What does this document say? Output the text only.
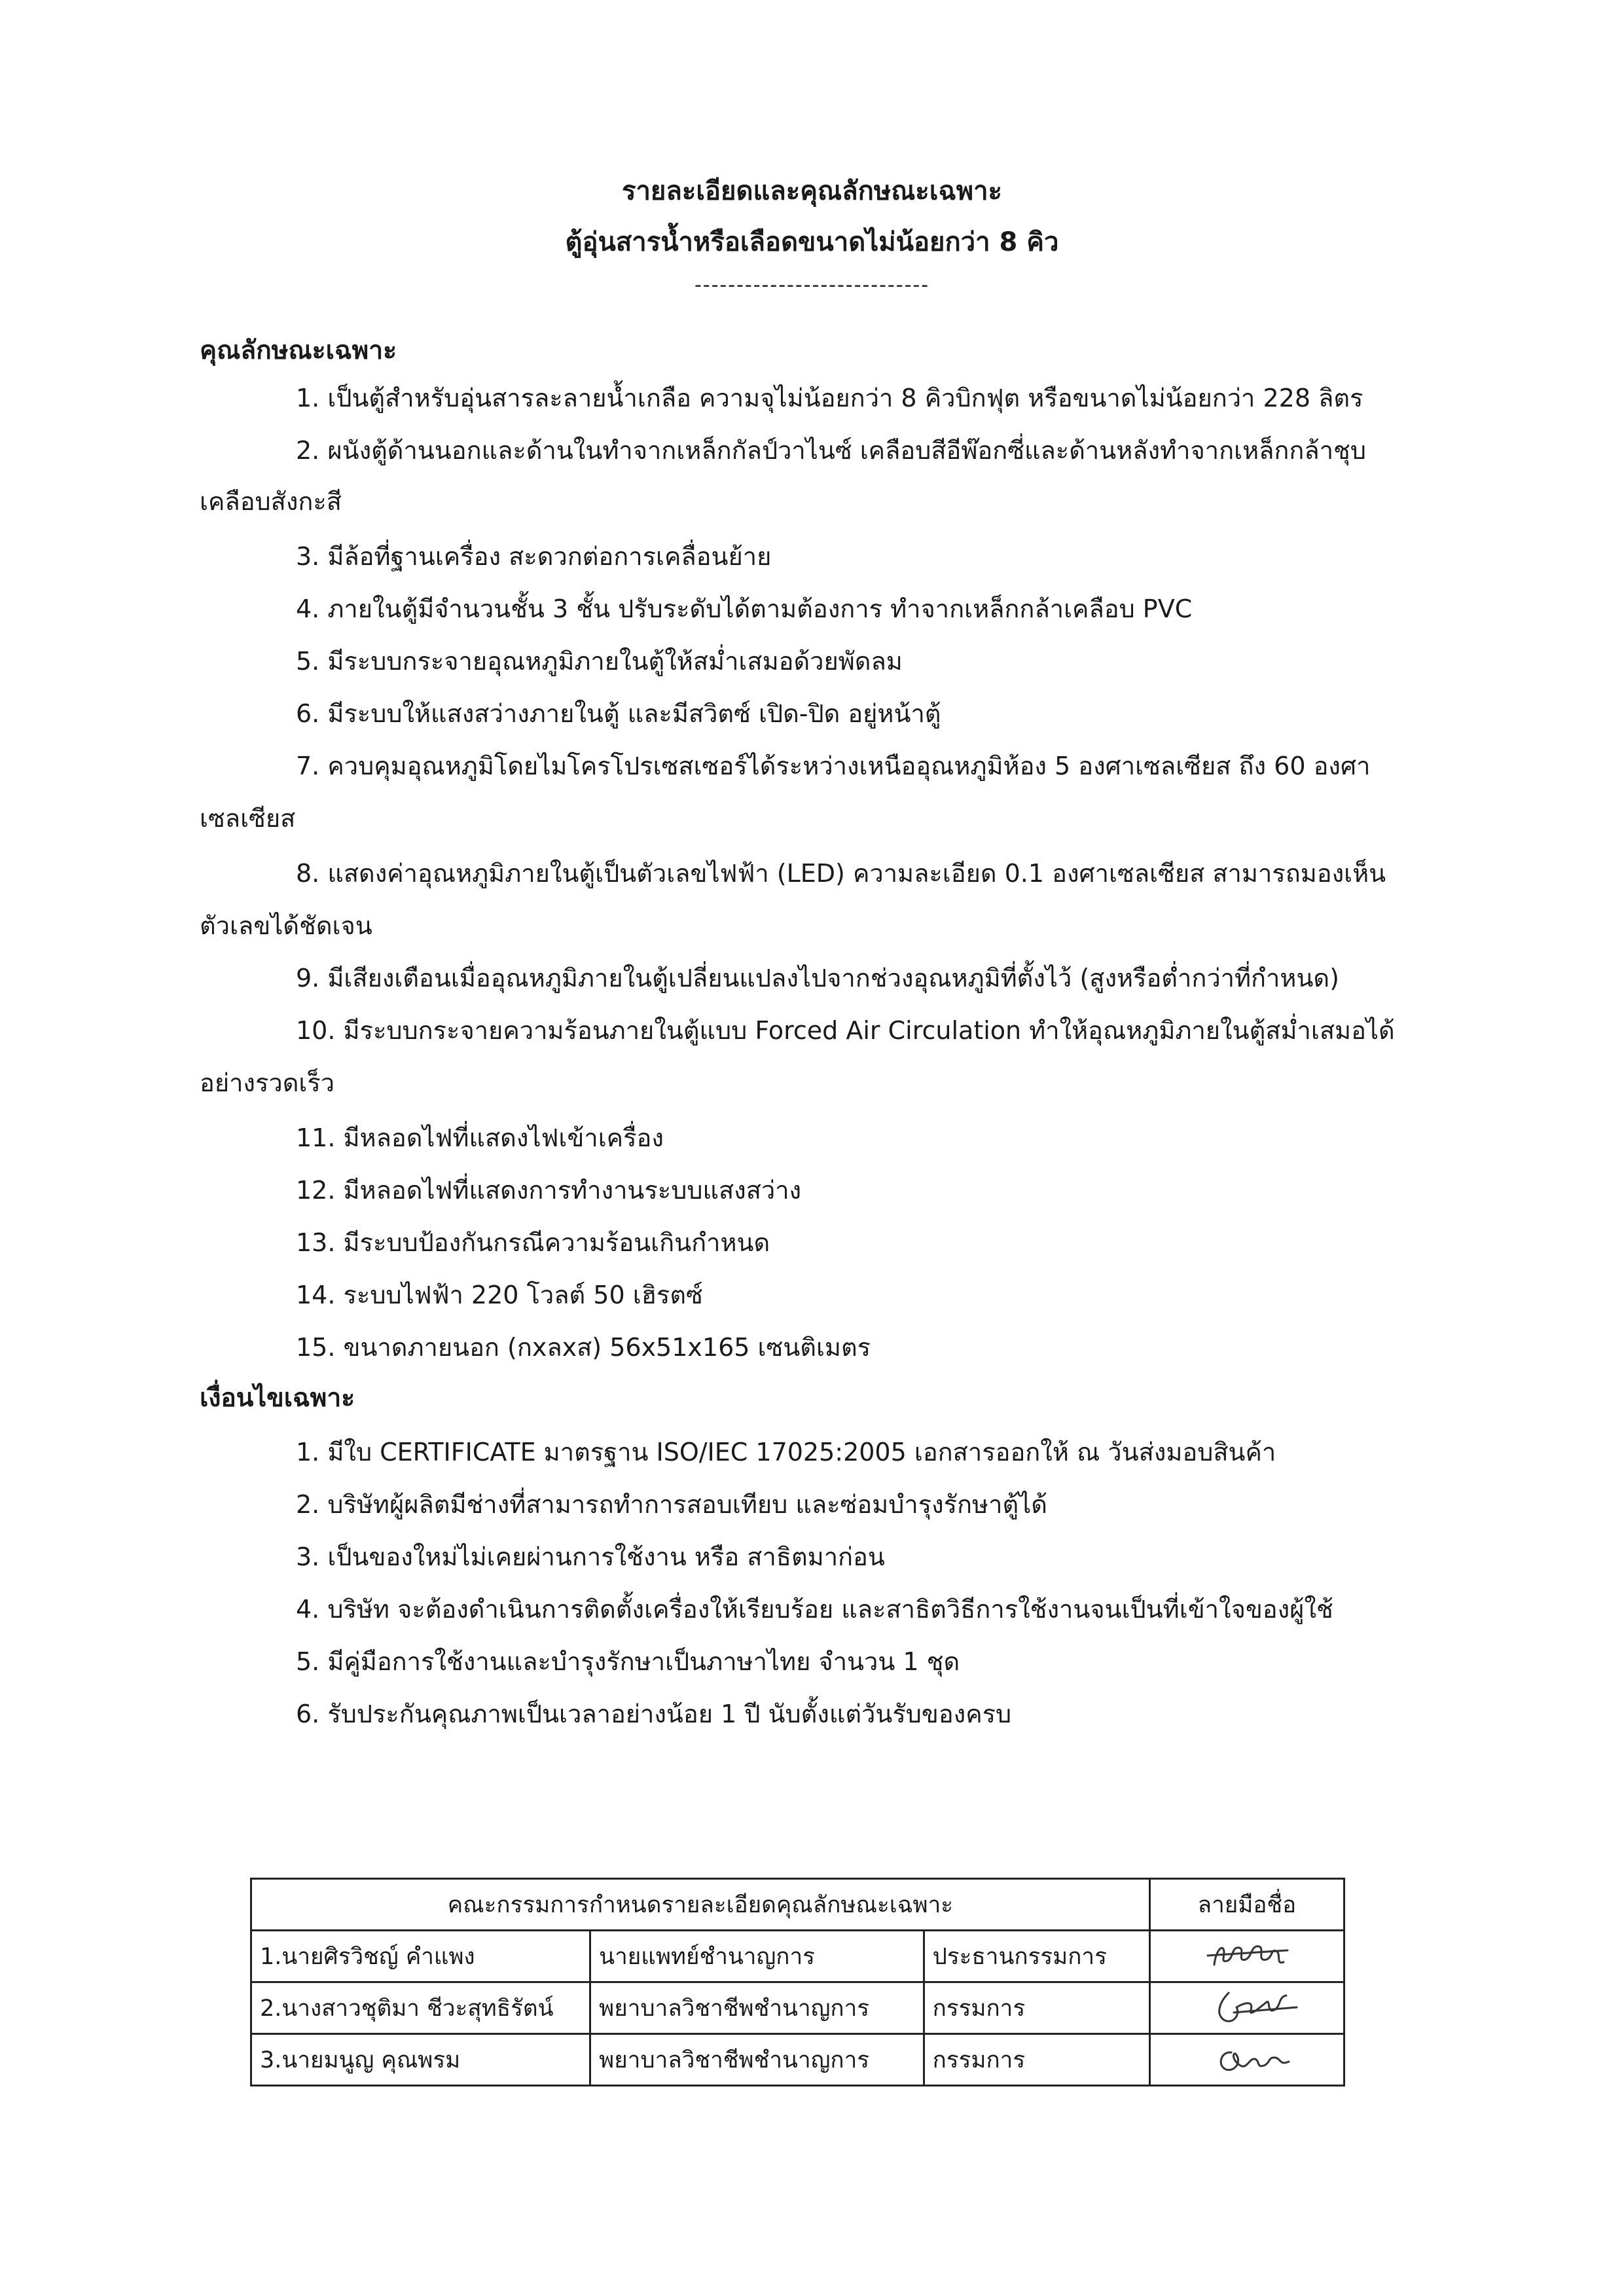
รายละเอียดและคุณลักษณะเฉพาะ
ตู้อุ่นสารน้ำหรือเลือดขนาดไม่น้อยกว่า 8 คิว

----------------------------

คุณลักษณะเฉพาะ

1. เป็นตู้สำหรับอุ่นสารละลายน้ำเกลือ ความจุไม่น้อยกว่า 8 คิวบิกฟุต หรือขนาดไม่น้อยกว่า 228 ลิตร

2. ผนังตู้ด้านนอกและด้านในทำจากเหล็กกัลป์วาไนซ์ เคลือบสีอีพ๊อกซี่และด้านหลังทำจากเหล็กกล้าชุบ

เคลือบสังกะสี

3. มีล้อที่ฐานเครื่อง สะดวกต่อการเคลื่อนย้าย

4. ภายในตู้มีจำนวนชั้น 3 ชั้น ปรับระดับได้ตามต้องการ ทำจากเหล็กกล้าเคลือบ PVC

5. มีระบบกระจายอุณหภูมิภายในตู้ให้สม่ำเสมอด้วยพัดลม

6. มีระบบให้แสงสว่างภายในตู้ และมีสวิตซ์ เปิด-ปิด อยู่หน้าตู้

7. ควบคุมอุณหภูมิโดยไมโครโปรเซสเซอร์ได้ระหว่างเหนืออุณหภูมิห้อง 5 องศาเซลเซียส ถึง 60 องศา

เซลเซียส

8. แสดงค่าอุณหภูมิภายในตู้เป็นตัวเลขไฟฟ้า (LED) ความละเอียด 0.1 องศาเซลเซียส สามารถมองเห็น

ตัวเลขได้ชัดเจน

9. มีเสียงเตือนเมื่ออุณหภูมิภายในตู้เปลี่ยนแปลงไปจากช่วงอุณหภูมิที่ตั้งไว้ (สูงหรือต่ำกว่าที่กำหนด)

10. มีระบบกระจายความร้อนภายในตู้แบบ Forced Air Circulation ทำให้อุณหภูมิภายในตู้สม่ำเสมอได้

อย่างรวดเร็ว

11. มีหลอดไฟที่แสดงไฟเข้าเครื่อง

12. มีหลอดไฟที่แสดงการทำงานระบบแสงสว่าง

13. มีระบบป้องกันกรณีความร้อนเกินกำหนด

14. ระบบไฟฟ้า 220 โวลต์ 50 เฮิรตซ์

15. ขนาดภายนอก (กxลxส) 56x51x165 เซนติเมตร

เงื่อนไขเฉพาะ

1. มีใบ CERTIFICATE มาตรฐาน ISO/IEC 17025:2005 เอกสารออกให้ ณ วันส่งมอบสินค้า

2. บริษัทผู้ผลิตมีช่างที่สามารถทำการสอบเทียบ และซ่อมบำรุงรักษาตู้ได้

3. เป็นของใหม่ไม่เคยผ่านการใช้งาน หรือ สาธิตมาก่อน

4. บริษัท จะต้องดำเนินการติดตั้งเครื่องให้เรียบร้อย และสาธิตวิธีการใช้งานจนเป็นที่เข้าใจของผู้ใช้

5. มีคู่มือการใช้งานและบำรุงรักษาเป็นภาษาไทย จำนวน 1 ชุด

6. รับประกันคุณภาพเป็นเวลาอย่างน้อย 1 ปี นับตั้งแต่วันรับของครบ

คณะกรรมการกำหนดรายละเอียดคุณลักษณะเฉพาะ			ลายมือชื่อ
1.นายศิรวิชญ์ คำแพง	นายแพทย์ชำนาญการ	ประธานกรรมการ	

2.นางสาวชุติมา ชีวะสุทธิรัตน์	พยาบาลวิชาชีพชำนาญการ	กรรมการ	

3.นายมนูญ คุณพรม	พยาบาลวิชาชีพชำนาญการ	กรรมการ	
